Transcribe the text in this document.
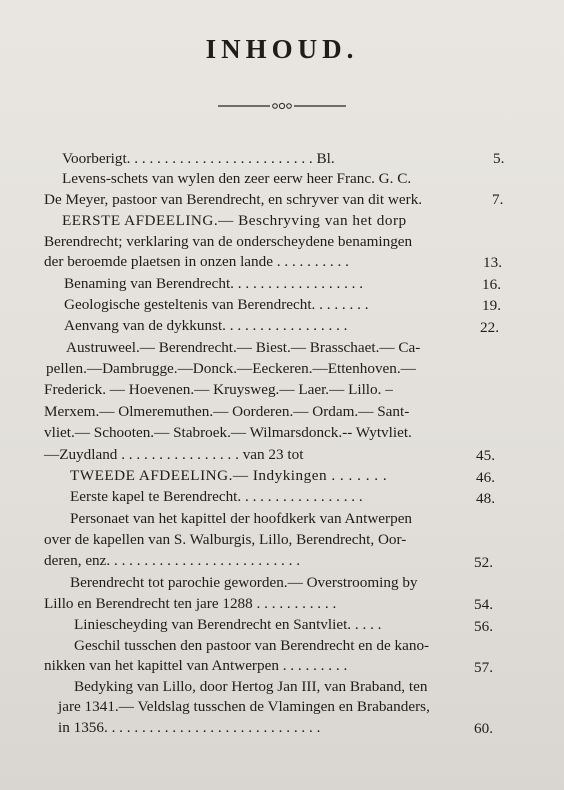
INHOUD.
Voorberigt. . . . . . . . . . . . . . . . . . . . . . . . . Bl.	5.
Levens-schets van wylen den zeer eerw heer Franc. G. C.
De Meyer, pastoor van Berendrecht, en schryver van dit werk.	7.
EERSTE AFDEELING.— Beschryving van het dorp
Berendrecht; verklaring van de onderscheydene benamingen
der beroemde plaetsen in onzen lande . . . . . . . . . .	13.
Benaming van Berendrecht. . . . . . . . . . . . . . . . . .	16.
Geologische gesteltenis van Berendrecht. . . . . . . .	19.
Aenvang van de dykkunst. . . . . . . . . . . . . . . . .	22.
Austruweel.— Berendrecht.— Biest.— Brasschaet.— Ca-
pellen.—Dambrugge.—Donck.—Eeckeren.—Ettenhoven.—
Frederick. — Hoevenen.— Kruysweg.— Laer.— Lillo. –
Merxem.— Olmeremuthen.— Oorderen.— Ordam.— Sant-
vliet.— Schooten.— Stabroek.— Wilmarsdonck.-- Wytvliet.
—Zuydland . . . . . . . . . . . . . . . . van 23 tot	45.
TWEEDE AFDEELING.— Indykingen . . . . . . .	46.
Eerste kapel te Berendrecht. . . . . . . . . . . . . . . . .	48.
Personaet van het kapittel der hoofdkerk van Antwerpen
over de kapellen van S. Walburgis, Lillo, Berendrecht, Oor-
deren, enz. . . . . . . . . . . . . . . . . . . . . . . . . .	52.
Berendrecht tot parochie geworden.— Overstrooming by
Lillo en Berendrecht ten jare 1288 . . . . . . . . . . .	54.
Liniescheyding van Berendrecht en Santvliet. . . . .	56.
Geschil tusschen den pastoor van Berendrecht en de kano-
nikken van het kapittel van Antwerpen . . . . . . . . .	57.
Bedyking van Lillo, door Hertog Jan III, van Braband, ten
jare 1341.— Veldslag tusschen de Vlamingen en Brabanders,
in 1356. . . . . . . . . . . . . . . . . . . . . . . . . . . . .	60.
